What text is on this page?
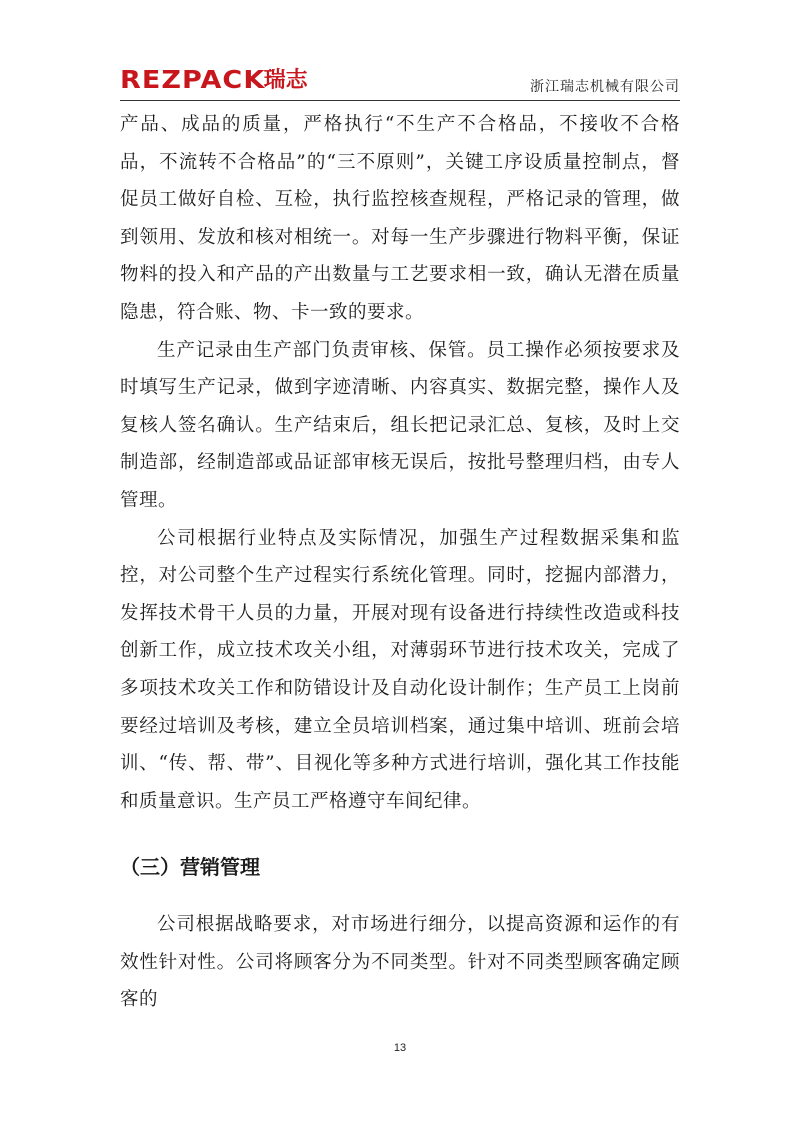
REZPACK
瑞志	浙江瑞志机械有限公司

产品、成品的质量，严格执行“不生产不合格品，不接收不合格品，不流转不合格品”的“三不原则”，关键工序设质量控制点，督促员工做好自检、互检，执行监控核查规程，严格记录的管理，做到领用、发放和核对相统一。对每一生产步骤进行物料平衡，保证物料的投入和产品的产出数量与工艺要求相一致，确认无潜在质量隐患，符合账、物、卡一致的要求。

生产记录由生产部门负责审核、保管。员工操作必须按要求及时填写生产记录，做到字迹清晰、内容真实、数据完整，操作人及复核人签名确认。生产结束后，组长把记录汇总、复核，及时上交制造部，经制造部或品证部审核无误后，按批号整理归档，由专人管理。

公司根据行业特点及实际情况，加强生产过程数据采集和监控，对公司整个生产过程实行系统化管理。同时，挖掘内部潜力，发挥技术骨干人员的力量，开展对现有设备进行持续性改造或科技创新工作，成立技术攻关小组，对薄弱环节进行技术攻关，完成了多项技术攻关工作和防错设计及自动化设计制作；生产员工上岗前要经过培训及考核，建立全员培训档案，通过集中培训、班前会培训、“传、帮、带”、目视化等多种方式进行培训，强化其工作技能和质量意识。生产员工严格遵守车间纪律。

（三）营销管理

公司根据战略要求，对市场进行细分，以提高资源和运作的有效性针对性。公司将顾客分为不同类型。针对不同类型顾客确定顾客的

13
